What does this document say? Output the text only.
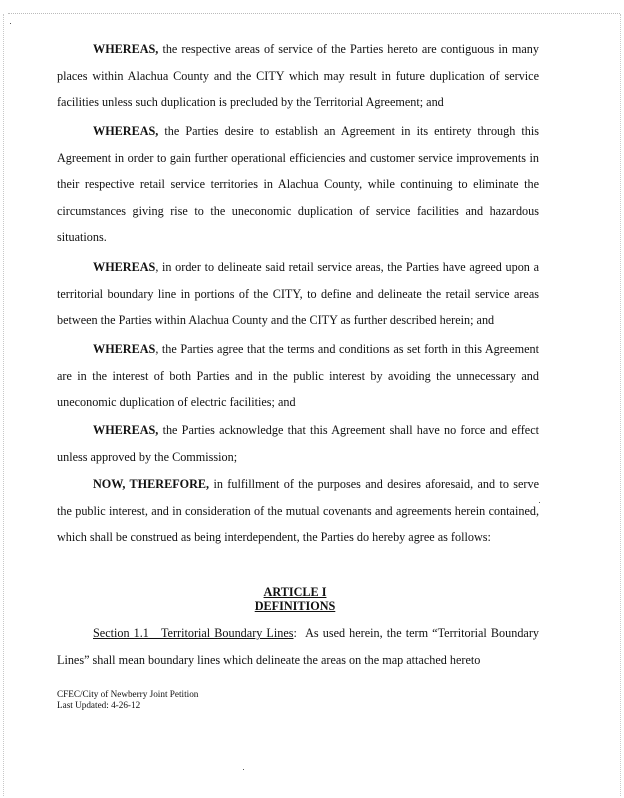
WHEREAS, the respective areas of service of the Parties hereto are contiguous in many places within Alachua County and the CITY which may result in future duplication of service facilities unless such duplication is precluded by the Territorial Agreement; and

WHEREAS, the Parties desire to establish an Agreement in its entirety through this Agreement in order to gain further operational efficiencies and customer service improvements in their respective retail service territories in Alachua County, while continuing to eliminate the circumstances giving rise to the uneconomic duplication of service facilities and hazardous situations.

WHEREAS, in order to delineate said retail service areas, the Parties have agreed upon a territorial boundary line in portions of the CITY, to define and delineate the retail service areas between the Parties within Alachua County and the CITY as further described herein; and

WHEREAS, the Parties agree that the terms and conditions as set forth in this Agreement are in the interest of both Parties and in the public interest by avoiding the unnecessary and uneconomic duplication of electric facilities; and

WHEREAS, the Parties acknowledge that this Agreement shall have no force and effect unless approved by the Commission;

NOW, THEREFORE, in fulfillment of the purposes and desires aforesaid, and to serve the public interest, and in consideration of the mutual covenants and agreements herein contained, which shall be construed as being interdependent, the Parties do hereby agree as follows:

ARTICLE I
DEFINITIONS

Section 1.1   Territorial Boundary Lines:  As used herein, the term “Territorial Boundary Lines” shall mean boundary lines which delineate the areas on the map attached hereto

CFEC/City of Newberry Joint Petition
Last Updated: 4-26-12
